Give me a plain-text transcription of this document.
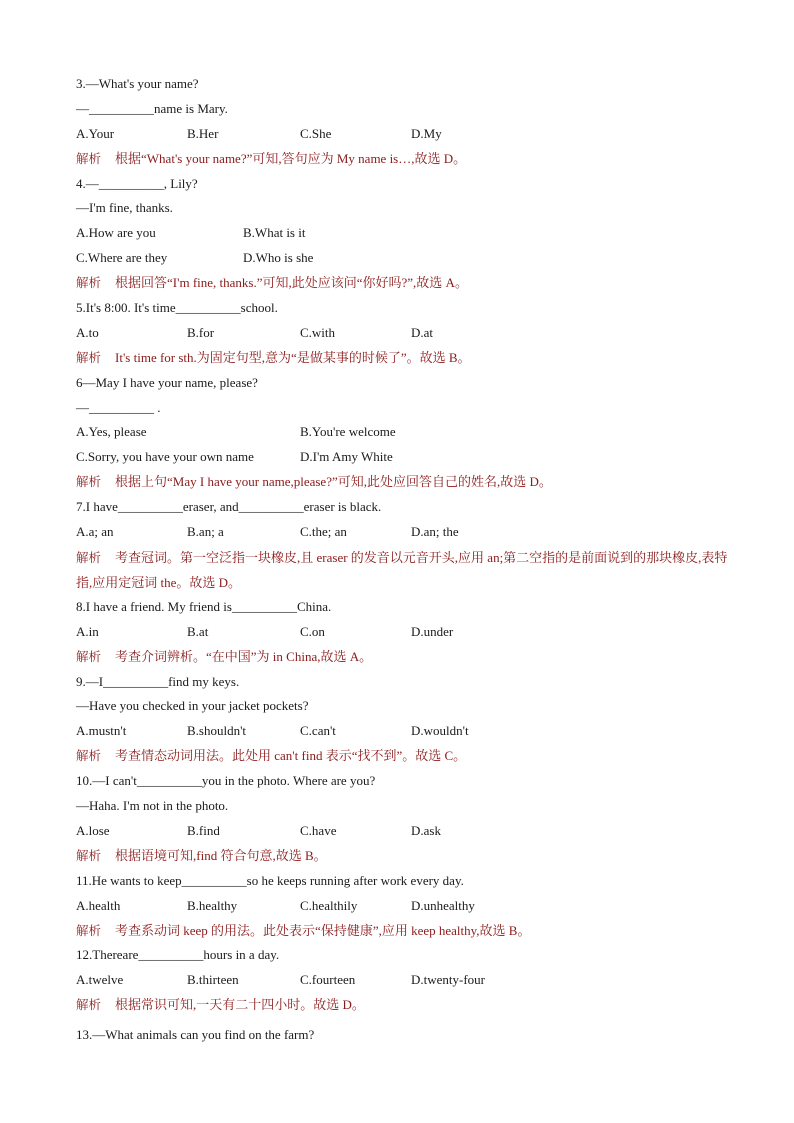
3.—What's your name?
—__________name is Mary.
A.Your	B.Her	C.She	D.My
解析 根据“What's your name?”可知,答句应为 My name is…,故选 D。
4.—__________, Lily?
—I'm fine, thanks.
A.How are you	B.What is it
C.Where are they	D.Who is she
解析 根据回答“I'm fine, thanks.”可知,此处应该问“你好吗?”,故选 A。
5.It's 8:00. It's time__________school.
A.to	B.for	C.with	D.at
解析 It's time for sth.为固定句型,意为“是做某事的时候了”。故选 B。
6—May I have your name, please?
—__________ .
A.Yes, please	B.You're welcome
C.Sorry, you have your own name	D.I'm Amy White
解析 根据上句“May I have your name,please?”可知,此处应回答自己的姓名,故选 D。
7.I have__________eraser, and__________eraser is black.
A.a; an	B.an; a	C.the; an	D.an; the
解析 考查冠词。第一空泛指一块橡皮,且 eraser 的发音以元音开头,应用 an;第二空指的是前面说到的那块橡皮,表特指,应用定冠词 the。故选 D。
8.I have a friend. My friend is__________China.
A.in	B.at	C.on	D.under
解析 考查介词辨析。“在中国”为 in China,故选 A。
9.—I__________find my keys.
—Have you checked in your jacket pockets?
A.mustn't	B.shouldn't	C.can't	D.wouldn't
解析 考查情态动词用法。此处用 can't find 表示“找不到”。故选 C。
10.—I can't__________you in the photo. Where are you?
—Haha. I'm not in the photo.
A.lose	B.find	C.have	D.ask
解析 根据语境可知,find 符合句意,故选 B。
11.He wants to keep__________so he keeps running after work every day.
A.health	B.healthy	C.healthily	D.unhealthy
解析 考查系动词 keep 的用法。此处表示“保持健康”,应用 keep healthy,故选 B。
12.Thereare__________hours in a day.
A.twelve	B.thirteen	C.fourteen	D.twenty-four
解析 根据常识可知,一天有二十四小时。故选 D。
13.—What animals can you find on the farm?
